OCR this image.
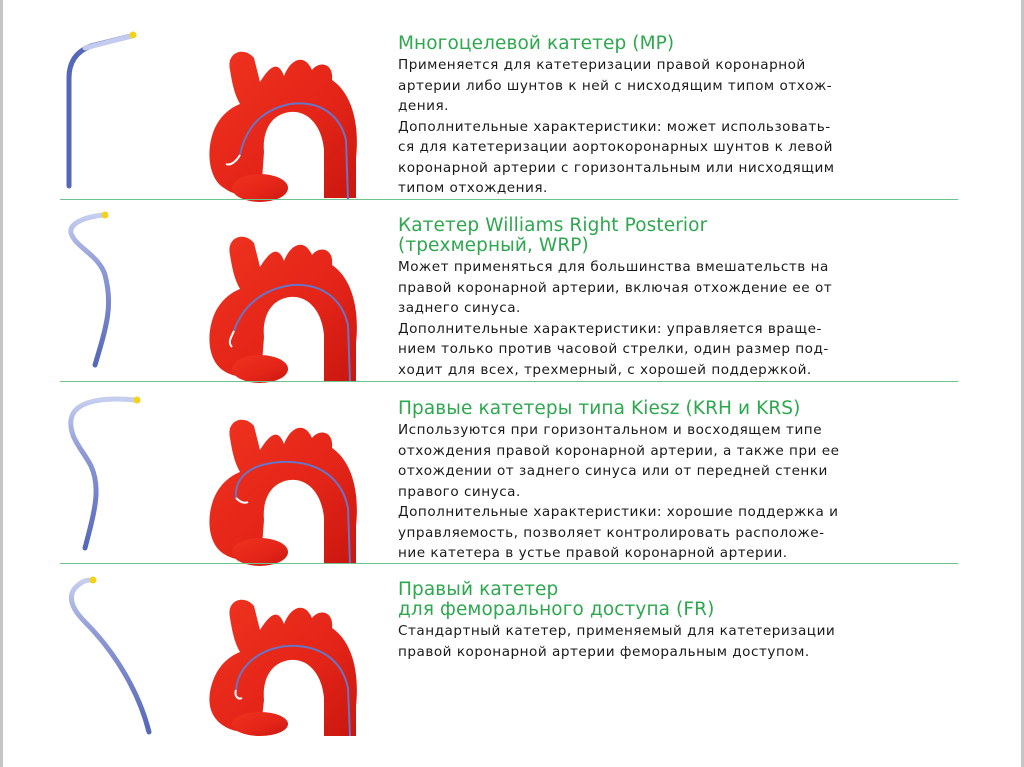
Многоцелевой катетер (MP)

Применяется для катетеризации правой коронарной

артерии либо шунтов к ней с нисходящим типом отхож-

дения.

Дополнительные характеристики: может использовать-

ся для катетеризации аортокоронарных шунтов к левой

коронарной артерии с горизонтальным или нисходящим

типом отхождения.

Катетер Williams Right Posterior
(трехмерный, WRP)

Может применяться для большинства вмешательств на

правой коронарной артерии, включая отхождение ее от

заднего синуса.

Дополнительные характеристики: управляется враще-

нием только против часовой стрелки, один размер под-

ходит для всех, трехмерный, с хорошей поддержкой.

Правые катетеры типа Kiesz (KRH и KRS)

Используются при горизонтальном и восходящем типе

отхождения правой коронарной артерии, а также при ее

отхождении от заднего синуса или от передней стенки

правого синуса.

Дополнительные характеристики: хорошие поддержка и

управляемость, позволяет контролировать расположе-

ние катетера в устье правой коронарной артерии.

Правый катетер
для феморального доступа (FR)

Стандартный катетер, применяемый для катетеризации

правой коронарной артерии феморальным доступом.
